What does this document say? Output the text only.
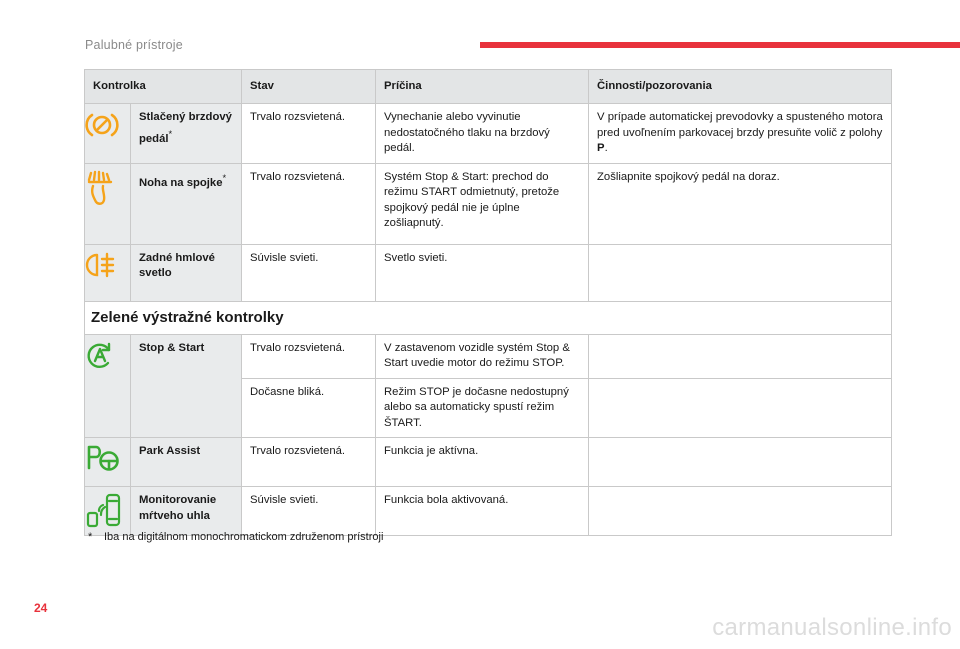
Palubné prístroje
Kontrolka		Stav	Príčina	Činnosti/pozorovania
	Stlačený brzdový pedál*	Trvalo rozsvietená.	Vynechanie alebo vyvinutie nedostatočného tlaku na brzdový pedál.	V prípade automatickej prevodovky a spusteného motora pred uvoľnením parkovacej brzdy presuňte volič z polohy P.
	Noha na spojke*	Trvalo rozsvietená.	Systém Stop & Start: prechod do režimu START odmietnutý, pretože spojkový pedál nie je úplne zošliapnutý.	Zošliapnite spojkový pedál na doraz.
	Zadné hmlové svetlo	Súvisle svieti.	Svetlo svieti.	
Zelené výstražné kontrolky				
	Stop & Start	Trvalo rozsvietená.	V zastavenom vozidle systém Stop & Start uvedie motor do režimu STOP.	
		Dočasne bliká.	Režim STOP je dočasne nedostupný alebo sa automaticky spustí režim ŠTART.	
	Park Assist	Trvalo rozsvietená.	Funkcia je aktívna.	
	Monitorovanie mŕtveho uhla	Súvisle svieti.	Funkcia bola aktivovaná.	
* Iba na digitálnom monochromatickom združenom prístroji
24
carmanualsonline.info
